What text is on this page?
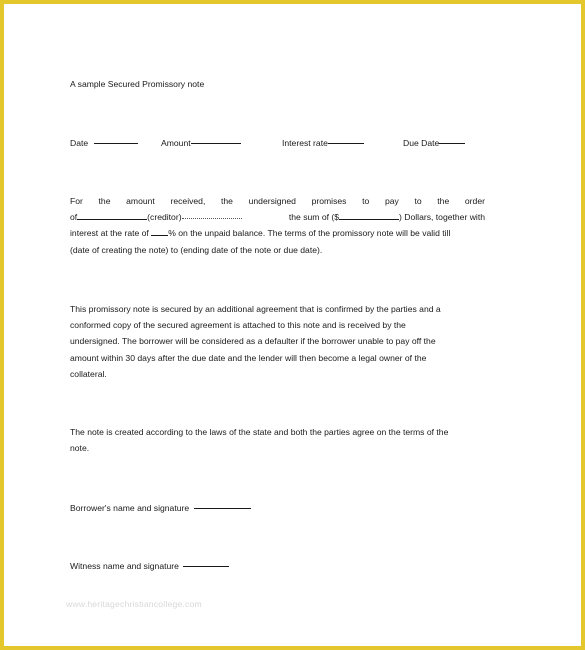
A sample Secured Promissory note
Date	Amount	Interest rate	Due Date
For the amount received, the undersigned promises to pay to the order
of	(creditor)	the sum of ($	) Dollars, together with
interest at the rate of % on the unpaid balance. The terms of the promissory note will be valid till
(date of creating the note) to (ending date of the note or due date).
This promissory note is secured by an additional agreement that is confirmed by the parties and a
conformed copy of the secured agreement is attached to this note and is received by the
undersigned. The borrower will be considered as a defaulter if the borrower unable to pay off the
amount within 30 days after the due date and the lender will then become a legal owner of the
collateral.
The note is created according to the laws of the state and both the parties agree on the terms of the
note.
Borrower's name and signature
Witness name and signature
www.heritagechristiancollege.com
